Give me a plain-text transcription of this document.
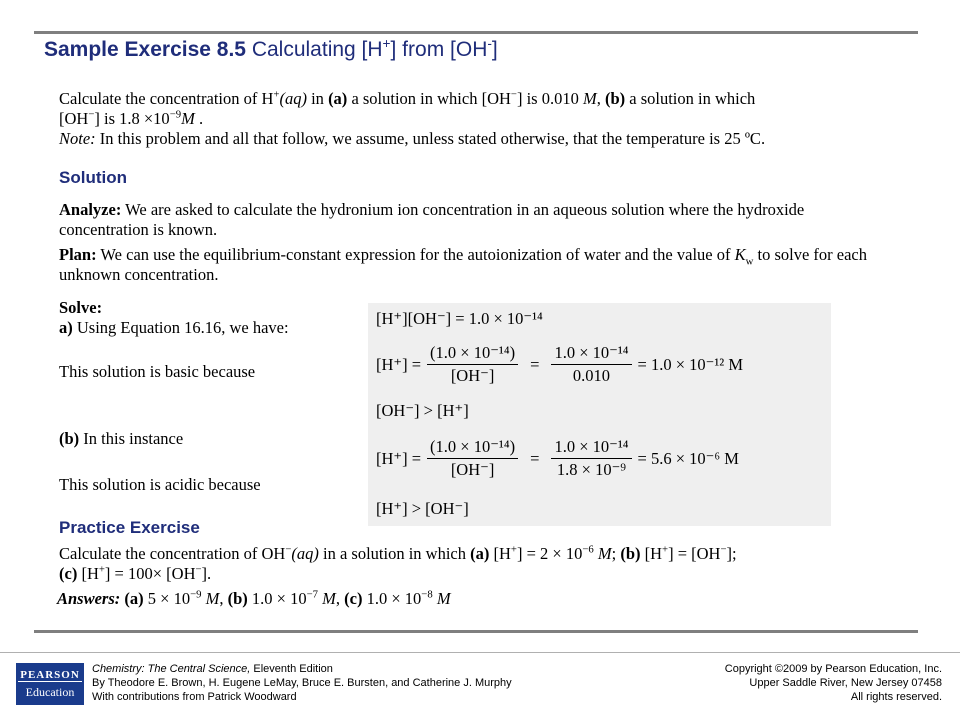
Sample Exercise 8.5 Calculating [H+] from [OH-]
Calculate the concentration of H+(aq) in (a) a solution in which [OH−] is 0.010 M, (b) a solution in which
[OH−] is $1.8 \times 10^{-9}M$ .
Note: In this problem and all that follow, we assume, unless stated otherwise, that the temperature is 25 ºC.
Solution
Analyze: We are asked to calculate the hydronium ion concentration in an aqueous solution where the hydroxide concentration is known.
Plan: We can use the equilibrium-constant expression for the autoionization of water and the value of $K_w$ to solve for each unknown concentration.
Solve:
a) Using Equation 16.16, we have:
This solution is basic because
(b) In this instance
This solution is acidic because
[H⁺][OH⁻] = 1.0 × 10⁻¹⁴
$[H^+] = \frac{\text{(1.0 × 10⁻¹⁴)}}{[OH^-]} = \frac{\text{1.0 × 10⁻¹⁴}}{0.010} = 1.0 \times 10^{-12}$ M
[OH⁻] > [H⁺]
$[H^+] = \frac{\text{(1.0 × 10⁻¹⁴)}}{[OH^-]} = \frac{\text{1.0 × 10⁻¹⁴}}{\text{1.8 × 10⁻⁹}} = 5.6 \times 10^{-6}$ M
[H⁺] > [OH⁻]
Practice Exercise
Calculate the concentration of OH−(aq) in a solution in which (a) $[H^+] = 2 \times 10^{-6}$ M; (b) [H+] = [OH−];
(c) [H+] = 100× [OH−].
Answers: (a) $5 \times 10^{-9}$ M, (b) $1.0 \times 10^{-7}$ M, (c) $1.0 \times 10^{-8}$ M
PEARSON
Education
Chemistry: The Central Science, Eleventh Edition
By Theodore E. Brown, H. Eugene LeMay, Bruce E. Bursten, and Catherine J. Murphy
With contributions from Patrick Woodward
Copyright ©2009 by Pearson Education, Inc.
Upper Saddle River, New Jersey 07458
All rights reserved.
